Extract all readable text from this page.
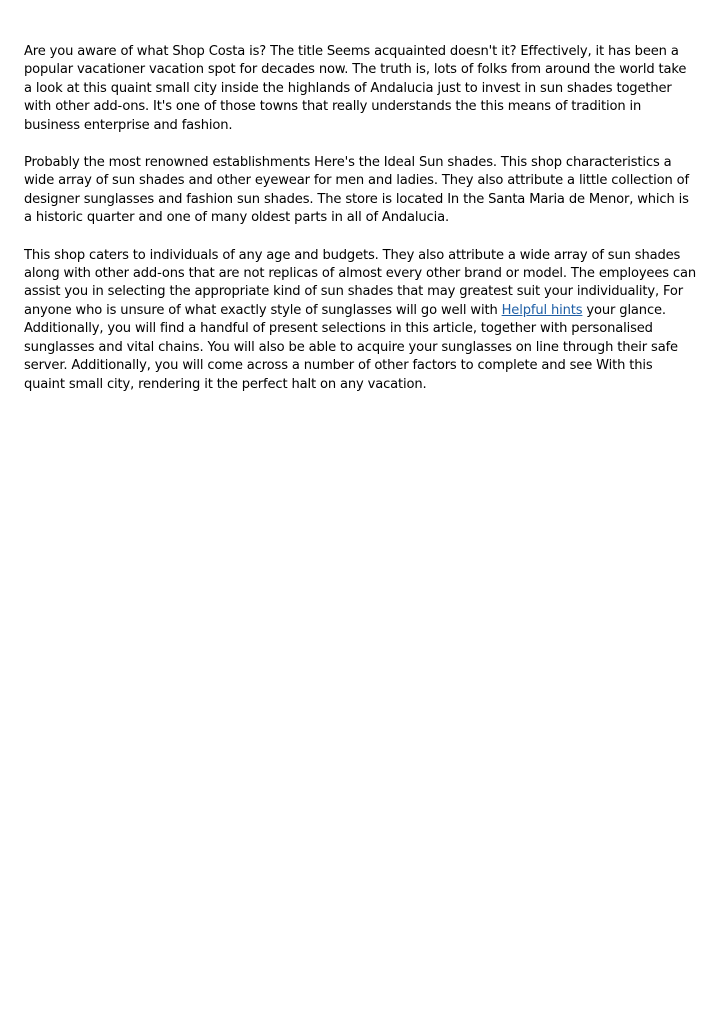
Are you aware of what Shop Costa is? The title Seems acquainted doesn't it? Effectively, it has been a popular vacationer vacation spot for decades now. The truth is, lots of folks from around the world take a look at this quaint small city inside the highlands of Andalucia just to invest in sun shades together with other add-ons. It's one of those towns that really understands the this means of tradition in business enterprise and fashion.

Probably the most renowned establishments Here's the Ideal Sun shades. This shop characteristics a wide array of sun shades and other eyewear for men and ladies. They also attribute a little collection of designer sunglasses and fashion sun shades. The store is located In the Santa Maria de Menor, which is a historic quarter and one of many oldest parts in all of Andalucia.

This shop caters to individuals of any age and budgets. They also attribute a wide array of sun shades along with other add-ons that are not replicas of almost every other brand or model. The employees can assist you in selecting the appropriate kind of sun shades that may greatest suit your individuality, For anyone who is unsure of what exactly style of sunglasses will go well with Helpful hints your glance. Additionally, you will find a handful of present selections in this article, together with personalised sunglasses and vital chains. You will also be able to acquire your sunglasses on line through their safe server. Additionally, you will come across a number of other factors to complete and see With this quaint small city, rendering it the perfect halt on any vacation.
